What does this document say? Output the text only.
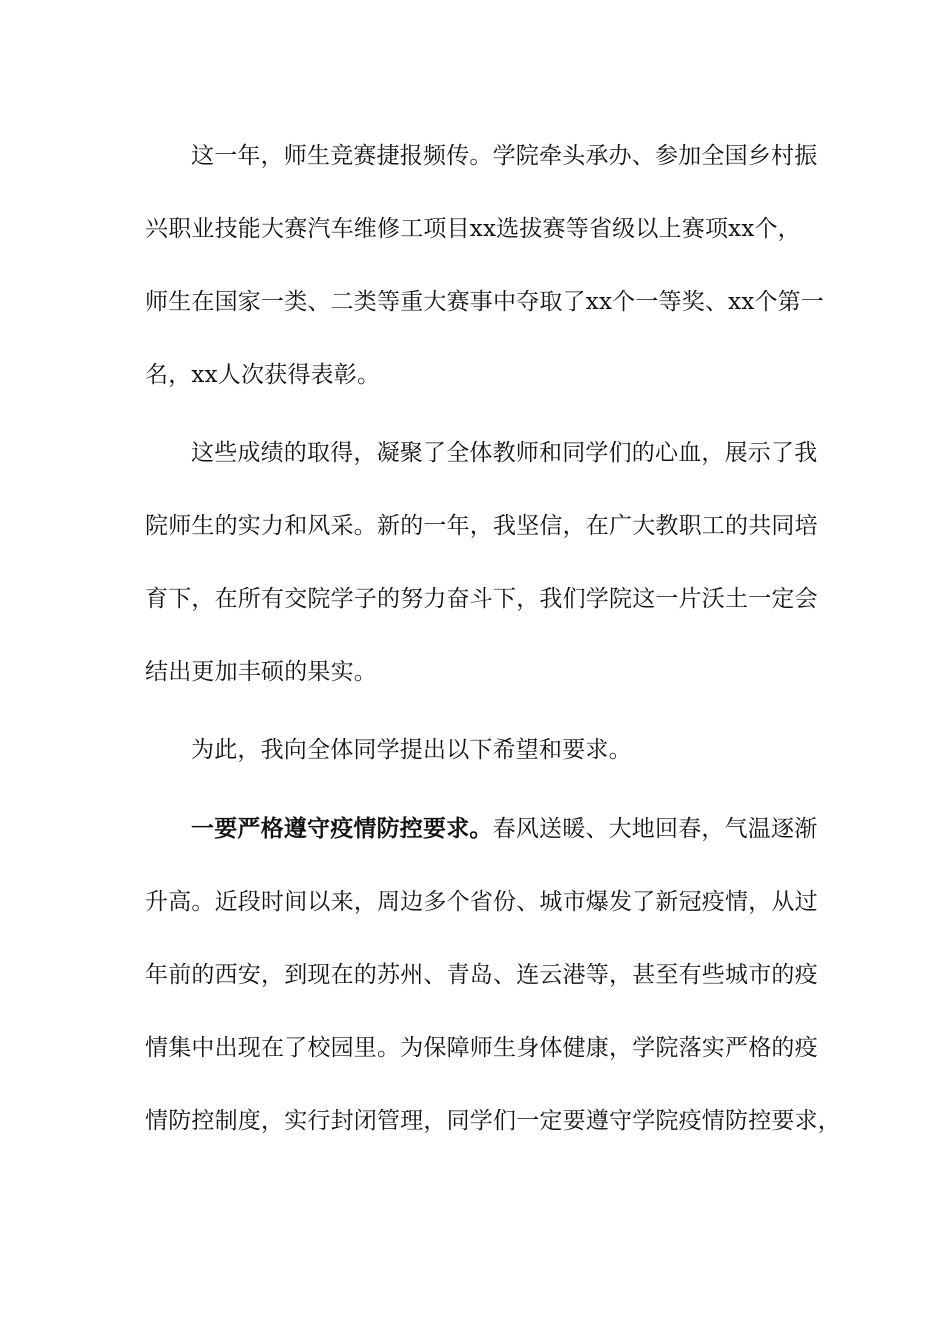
这一年，师生竞赛捷报频传。学院牵头承办、参加全国乡村振
兴职业技能大赛汽车维修工项目xx选拔赛等省级以上赛项xx个，
师生在国家一类、二类等重大赛事中夺取了xx个一等奖、xx个第一
名，xx人次获得表彰。
这些成绩的取得，凝聚了全体教师和同学们的心血，展示了我
院师生的实力和风采。新的一年，我坚信，在广大教职工的共同培
育下，在所有交院学子的努力奋斗下，我们学院这一片沃土一定会
结出更加丰硕的果实。
为此，我向全体同学提出以下希望和要求。
一要严格遵守疫情防控要求。春风送暖、大地回春，气温逐渐
升高。近段时间以来，周边多个省份、城市爆发了新冠疫情，从过
年前的西安，到现在的苏州、青岛、连云港等，甚至有些城市的疫
情集中出现在了校园里。为保障师生身体健康，学院落实严格的疫
情防控制度，实行封闭管理，同学们一定要遵守学院疫情防控要求，
